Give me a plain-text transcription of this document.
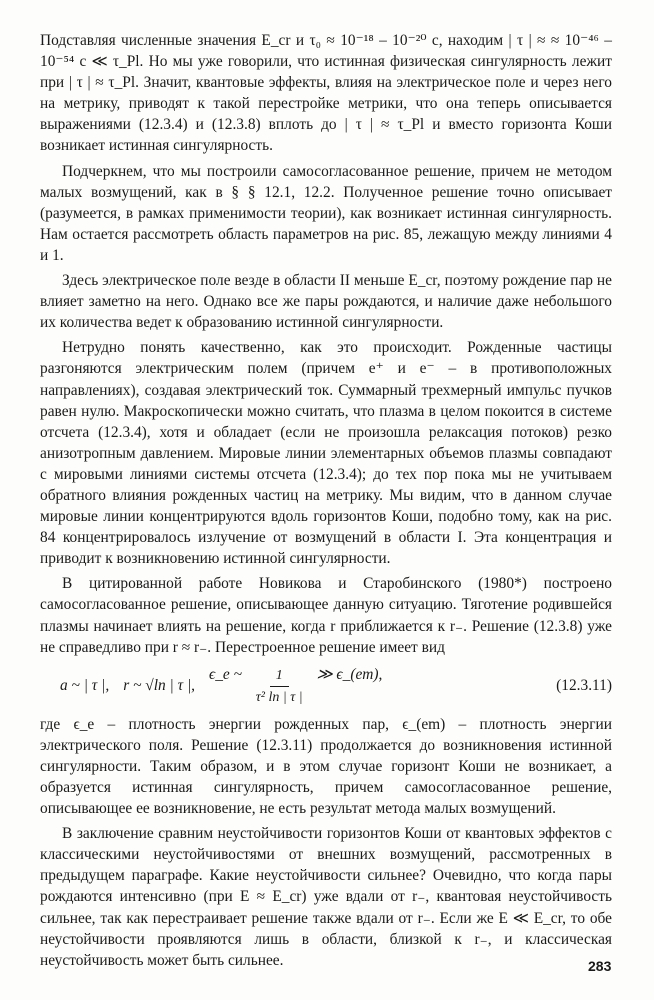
Подставляя численные значения E_cr и τ₀ ≈ 10⁻¹⁸ – 10⁻²⁰ с, находим | τ | ≈ ≈ 10⁻⁴⁶ – 10⁻⁵⁴ с ≪ τ_Pl. Но мы уже говорили, что истинная физическая сингулярность лежит при | τ | ≈ τ_Pl. Значит, квантовые эффекты, влияя на электрическое поле и через него на метрику, приводят к такой перестройке метрики, что она теперь описывается выражениями (12.3.4) и (12.3.8) вплоть до | τ | ≈ τ_Pl и вместо горизонта Коши возникает истинная сингулярность.

Подчеркнем, что мы построили самосогласованное решение, причем не методом малых возмущений, как в § § 12.1, 12.2. Полученное решение точно описывает (разумеется, в рамках применимости теории), как возникает истинная сингулярность. Нам остается рассмотреть область параметров на рис. 85, лежащую между линиями 4 и 1.

Здесь электрическое поле везде в области II меньше E_cr, поэтому рождение пар не влияет заметно на него. Однако все же пары рождаются, и наличие даже небольшого их количества ведет к образованию истинной сингулярности.

Нетрудно понять качественно, как это происходит. Рожденные частицы разгоняются электрическим полем (причем e⁺ и e⁻ – в противоположных направлениях), создавая электрический ток. Суммарный трехмерный импульс пучков равен нулю. Макроскопически можно считать, что плазма в целом покоится в системе отсчета (12.3.4), хотя и обладает (если не произошла релаксация потоков) резко анизотропным давлением. Мировые линии элементарных объемов плазмы совпадают с мировыми линиями системы отсчета (12.3.4); до тех пор пока мы не учитываем обратного влияния рожденных частиц на метрику. Мы видим, что в данном случае мировые линии концентрируются вдоль горизонтов Коши, подобно тому, как на рис. 84 концентрировалось излучение от возмущений в области I. Эта концентрация и приводит к возникновению истинной сингулярности.

В цитированной работе Новикова и Старобинского (1980*) построено самосогласованное решение, описывающее данную ситуацию. Тяготение родившейся плазмы начинает влиять на решение, когда r приближается к r₋. Решение (12.3.8) уже не справедливо при r ≈ r₋. Перестроенное решение имеет вид

a ~ | τ |, r ~ √ln | τ |,
ϵ_e ~ $\frac{1}{\text{τ² ln | τ |}}$ ≫ ϵ_(em),
(12.3.11)

где ϵ_e – плотность энергии рожденных пар, ϵ_(em) – плотность энергии электрического поля. Решение (12.3.11) продолжается до возникновения истинной сингулярности. Таким образом, и в этом случае горизонт Коши не возникает, а образуется истинная сингулярность, причем самосогласованное решение, описывающее ее возникновение, не есть результат метода малых возмущений.

В заключение сравним неустойчивости горизонтов Коши от квантовых эффектов с классическими неустойчивостями от внешних возмущений, рассмотренных в предыдущем параграфе. Какие неустойчивости сильнее? Очевидно, что когда пары рождаются интенсивно (при E ≈ E_cr) уже вдали от r₋, квантовая неустойчивость сильнее, так как перестраивает решение также вдали от r₋. Если же E ≪ E_cr, то обе неустойчивости проявляются лишь в области, близкой к r₋, и классическая неустойчивость может быть сильнее.	283
